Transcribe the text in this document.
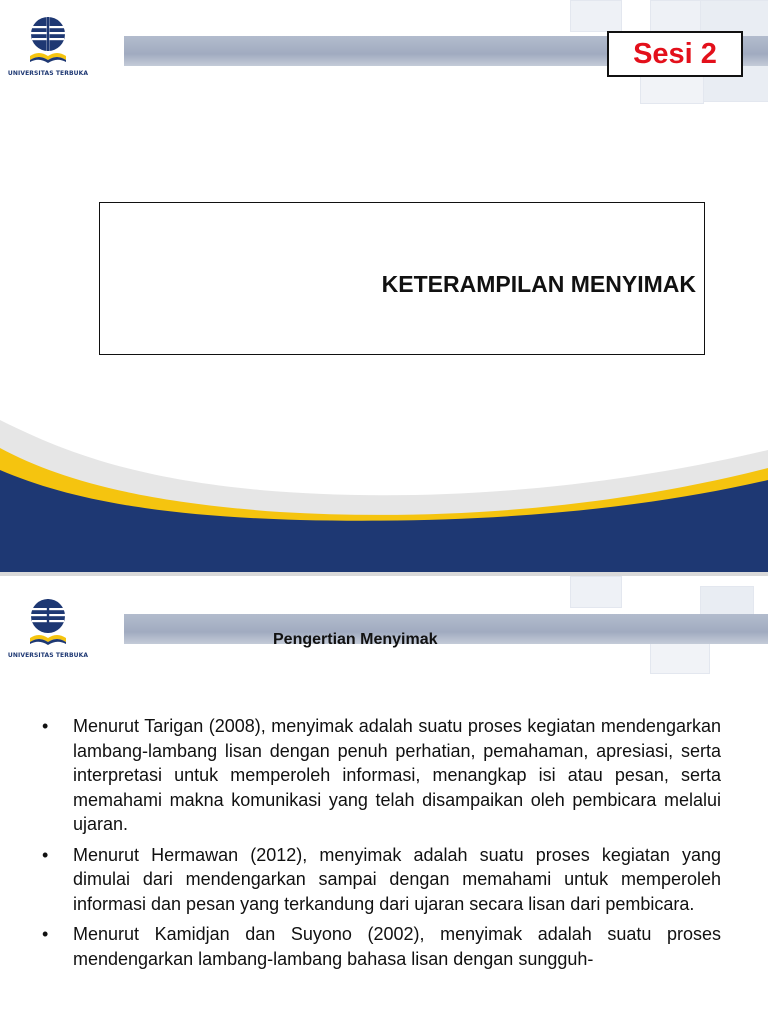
UNIVERSITAS TERBUKA
Sesi 2
KETERAMPILAN MENYIMAK
UNIVERSITAS TERBUKA
Pengertian Menyimak
• Menurut Tarigan (2008), menyimak adalah suatu proses kegiatan mendengarkan lambang-lambang lisan dengan penuh perhatian, pemahaman, apresiasi, serta interpretasi untuk memperoleh informasi, menangkap isi atau pesan, serta memahami makna komunikasi yang telah disampaikan oleh pembicara melalui ujaran.
• Menurut Hermawan (2012), menyimak adalah suatu proses kegiatan yang dimulai dari mendengarkan sampai dengan memahami untuk memperoleh informasi dan pesan yang terkandung dari ujaran secara lisan dari pembicara.
• Menurut Kamidjan dan Suyono (2002), menyimak adalah suatu proses mendengarkan lambang-lambang bahasa lisan dengan sungguh-
